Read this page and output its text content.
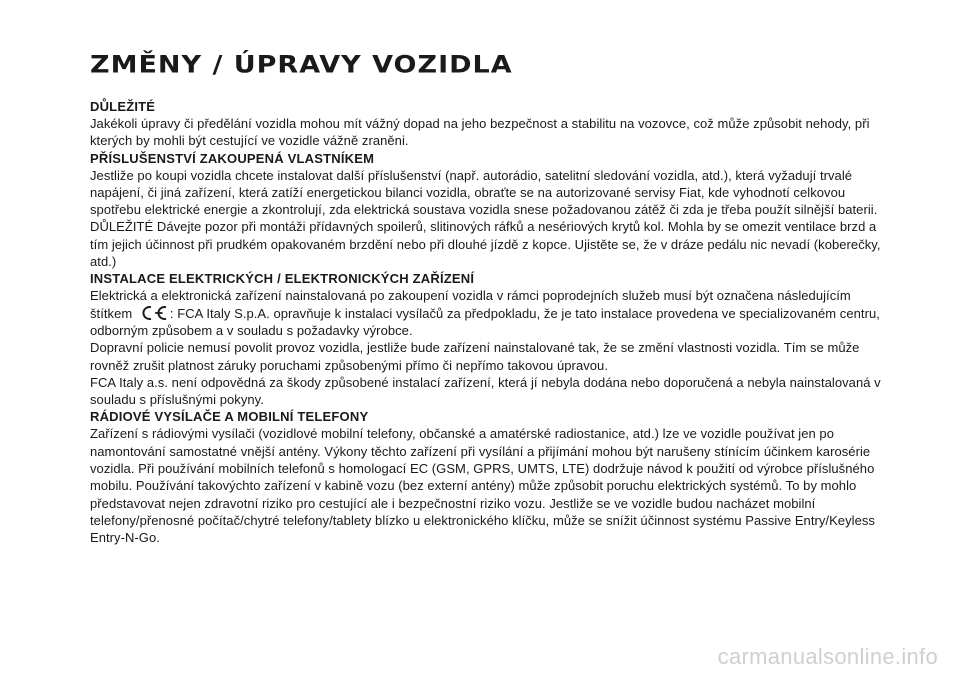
ZMĚNY / ÚPRAVY VOZIDLA
DŮLEŽITÉ

Jakékoli úpravy či předělání vozidla mohou mít vážný dopad na jeho bezpečnost a stabilitu na vozovce, což může způsobit nehody, při kterých by mohli být cestující ve vozidle vážně zraněni.

PŘÍSLUŠENSTVÍ ZAKOUPENÁ VLASTNÍKEM

Jestliže po koupi vozidla chcete instalovat další příslušenství (např. autorádio, satelitní sledování vozidla, atd.), která vyžadují trvalé napájení, či jiná zařízení, která zatíží energetickou bilanci vozidla, obraťte se na autorizované servisy Fiat, kde vyhodnotí celkovou spotřebu elektrické energie a zkontrolují, zda elektrická soustava vozidla snese požadovanou zátěž či zda je třeba použít silnější baterii.

DŮLEŽITÉ Dávejte pozor při montáži přídavných spoilerů, slitinových ráfků a nesériových krytů kol. Mohla by se omezit ventilace brzd a tím jejich účinnost při prudkém opakovaném brzdění nebo při dlouhé jízdě z kopce. Ujistěte se, že v dráze pedálu nic nevadí (koberečky, atd.)

INSTALACE ELEKTRICKÝCH / ELEKTRONICKÝCH ZAŘÍZENÍ

Elektrická a elektronická zařízení nainstalovaná po zakoupení vozidla v rámci poprodejních služeb musí být označena následujícím štítkem	: FCA Italy S.p.A. opravňuje k instalaci vysílačů za předpokladu, že je tato instalace provedena ve specializovaném centru, odborným způsobem a v souladu s požadavky výrobce.

Dopravní policie nemusí povolit provoz vozidla, jestliže bude zařízení nainstalované tak, že se změní vlastnosti vozidla. Tím se může rovněž zrušit platnost záruky poruchami způsobenými přímo či nepřímo takovou úpravou.

FCA Italy a.s. není odpovědná za škody způsobené instalací zařízení, která jí nebyla dodána nebo doporučená a nebyla nainstalovaná v souladu s příslušnými pokyny.

RÁDIOVÉ VYSÍLAČE A MOBILNÍ TELEFONY

Zařízení s rádiovými vysílači (vozidlové mobilní telefony, občanské a amatérské radiostanice, atd.) lze ve vozidle používat jen po namontování samostatné vnější antény. Výkony těchto zařízení při vysílání a přijímání mohou být narušeny stínícím účinkem karosérie vozidla. Při používání mobilních telefonů s homologací EC (GSM, GPRS, UMTS, LTE) dodržuje návod k použití od výrobce příslušného mobilu. Používání takovýchto zařízení v kabině vozu (bez externí antény) může způsobit poruchu elektrických systémů. To by mohlo představovat nejen zdravotní riziko pro cestující ale i bezpečnostní riziko vozu. Jestliže se ve vozidle budou nacházet mobilní telefony/přenosné počítač/chytré telefony/tablety blízko u elektronického klíčku, může se snížit účinnost systému Passive Entry/Keyless Entry-N-Go.

carmanualsonline.info
